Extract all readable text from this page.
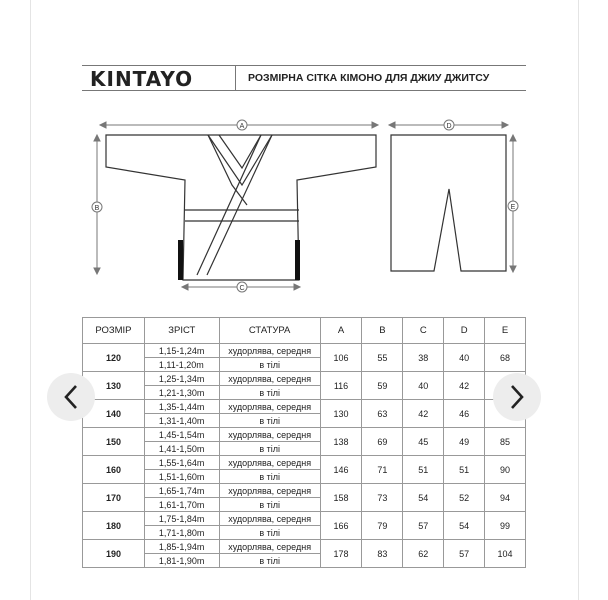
KINTAYO	РОЗМІРНА СІТКА КІМОНО ДЛЯ ДЖИУ ДЖИТСУ
A
B
C
D
E
РОЗМІР	ЗРІСТ	СТАТУРА	A	B	C	D	E
120	1,15-1,24m	худорлява, середня	106	55	38	40	68
	1,11-1,20m	в тілі					
130	1,25-1,34m	худорлява, середня	116	59	40	42	
	1,21-1,30m	в тілі					
140	1,35-1,44m	худорлява, середня	130	63	42	46	
	1,31-1,40m	в тілі					
150	1,45-1,54m	худорлява, середня	138	69	45	49	85
	1,41-1,50m	в тілі					
160	1,55-1,64m	худорлява, середня	146	71	51	51	90
	1,51-1,60m	в тілі					
170	1,65-1,74m	худорлява, середня	158	73	54	52	94
	1,61-1,70m	в тілі					
180	1,75-1,84m	худорлява, середня	166	79	57	54	99
	1,71-1,80m	в тілі					
190	1,85-1,94m	худорлява, середня	178	83	62	57	104
	1,81-1,90m	в тілі					
